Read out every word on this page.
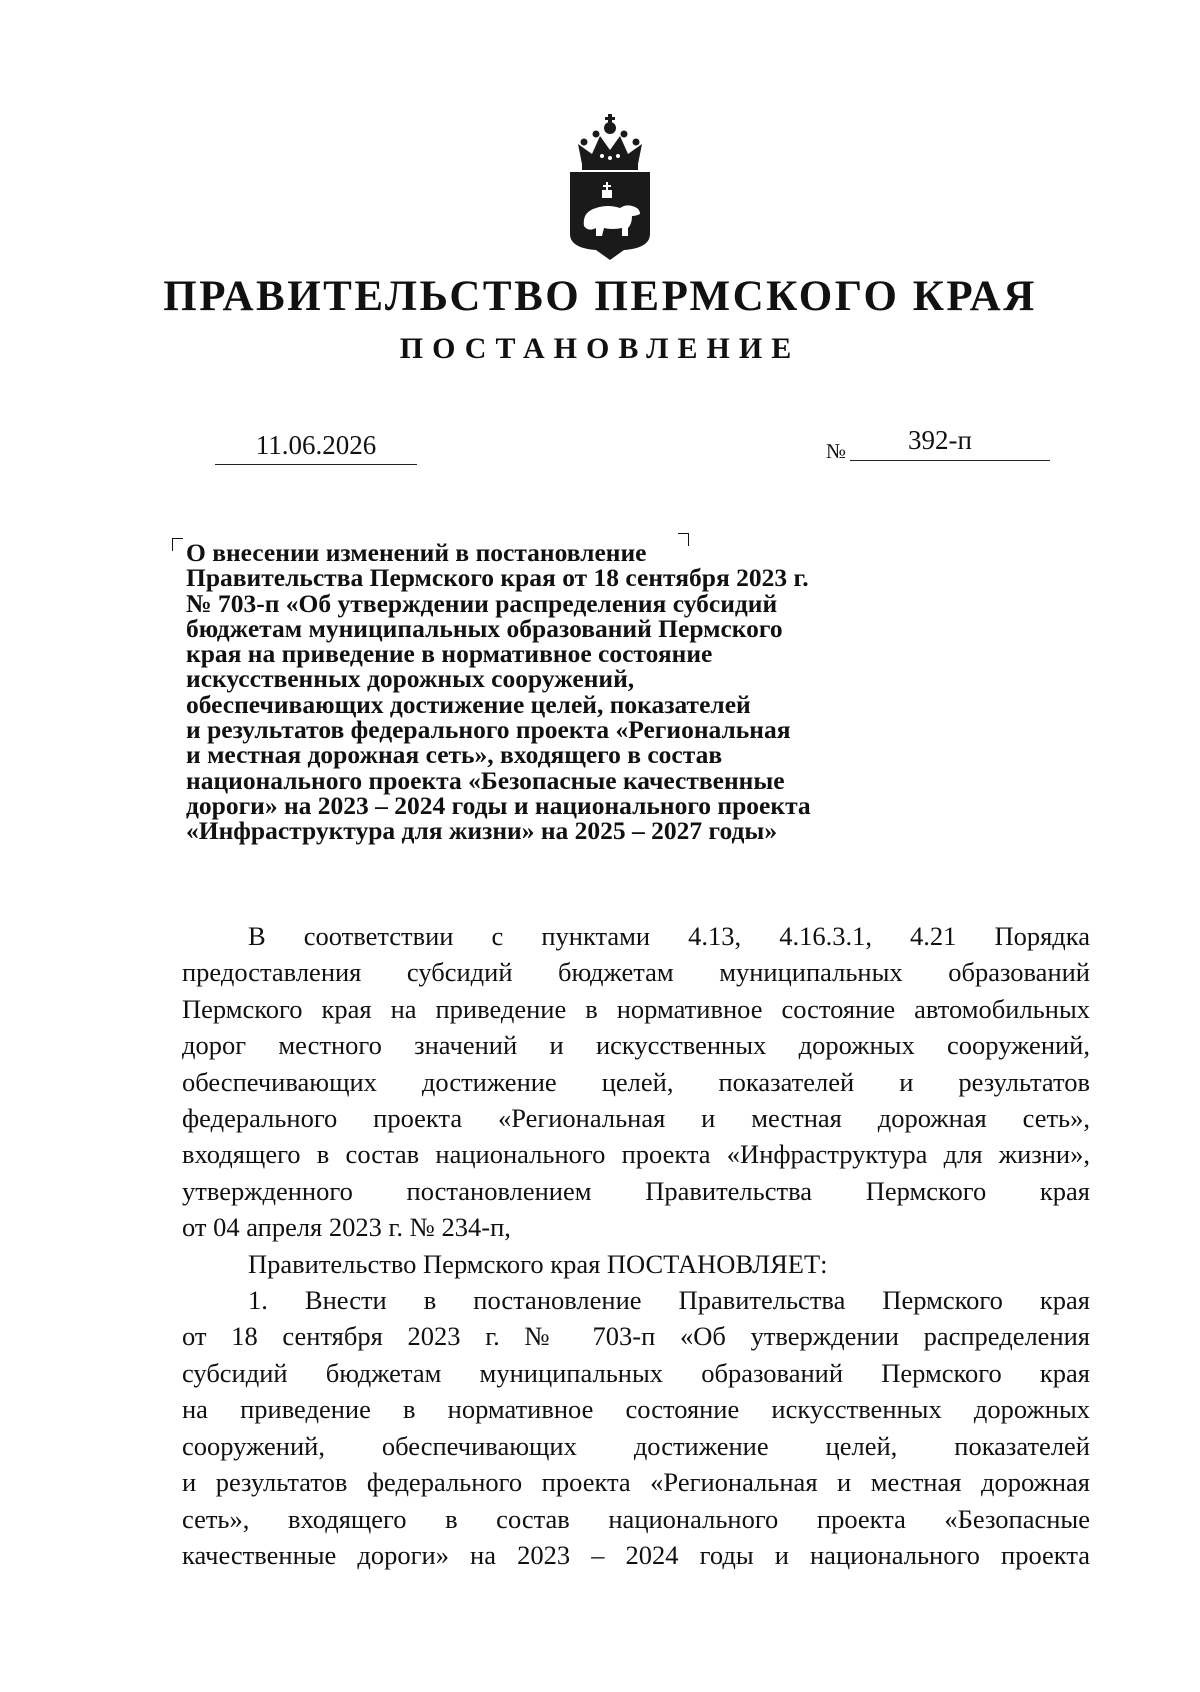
ПРАВИТЕЛЬСТВО ПЕРМСКОГО КРАЯ
ПОСТАНОВЛЕНИЕ
11.06.2026	№	392-п
О внесении изменений в постановление
Правительства Пермского края от 18 сентября 2023 г.
№ 703-п «Об утверждении распределения субсидий
бюджетам муниципальных образований Пермского
края на приведение в нормативное состояние
искусственных дорожных сооружений,
обеспечивающих достижение целей, показателей
и результатов федерального проекта «Региональная
и местная дорожная сеть», входящего в состав
национального проекта «Безопасные качественные
дороги» на 2023 – 2024 годы и национального проекта
«Инфраструктура для жизни» на 2025 – 2027 годы»
В соответствии с пунктами 4.13, 4.16.3.1, 4.21 Порядка
предоставления субсидий бюджетам муниципальных образований
Пермского края на приведение в нормативное состояние автомобильных
дорог местного значений и искусственных дорожных сооружений,
обеспечивающих достижение целей, показателей и результатов
федерального проекта «Региональная и местная дорожная сеть»,
входящего в состав национального проекта «Инфраструктура для жизни»,
утвержденного постановлением Правительства Пермского края
от 04 апреля 2023 г. № 234-п,
Правительство Пермского края ПОСТАНОВЛЯЕТ:
1. Внести в постановление Правительства Пермского края
от 18 сентября 2023 г. № 703-п «Об утверждении распределения
субсидий бюджетам муниципальных образований Пермского края
на приведение в нормативное состояние искусственных дорожных
сооружений, обеспечивающих достижение целей, показателей
и результатов федерального проекта «Региональная и местная дорожная
сеть», входящего в состав национального проекта «Безопасные
качественные дороги» на 2023 – 2024 годы и национального проекта
